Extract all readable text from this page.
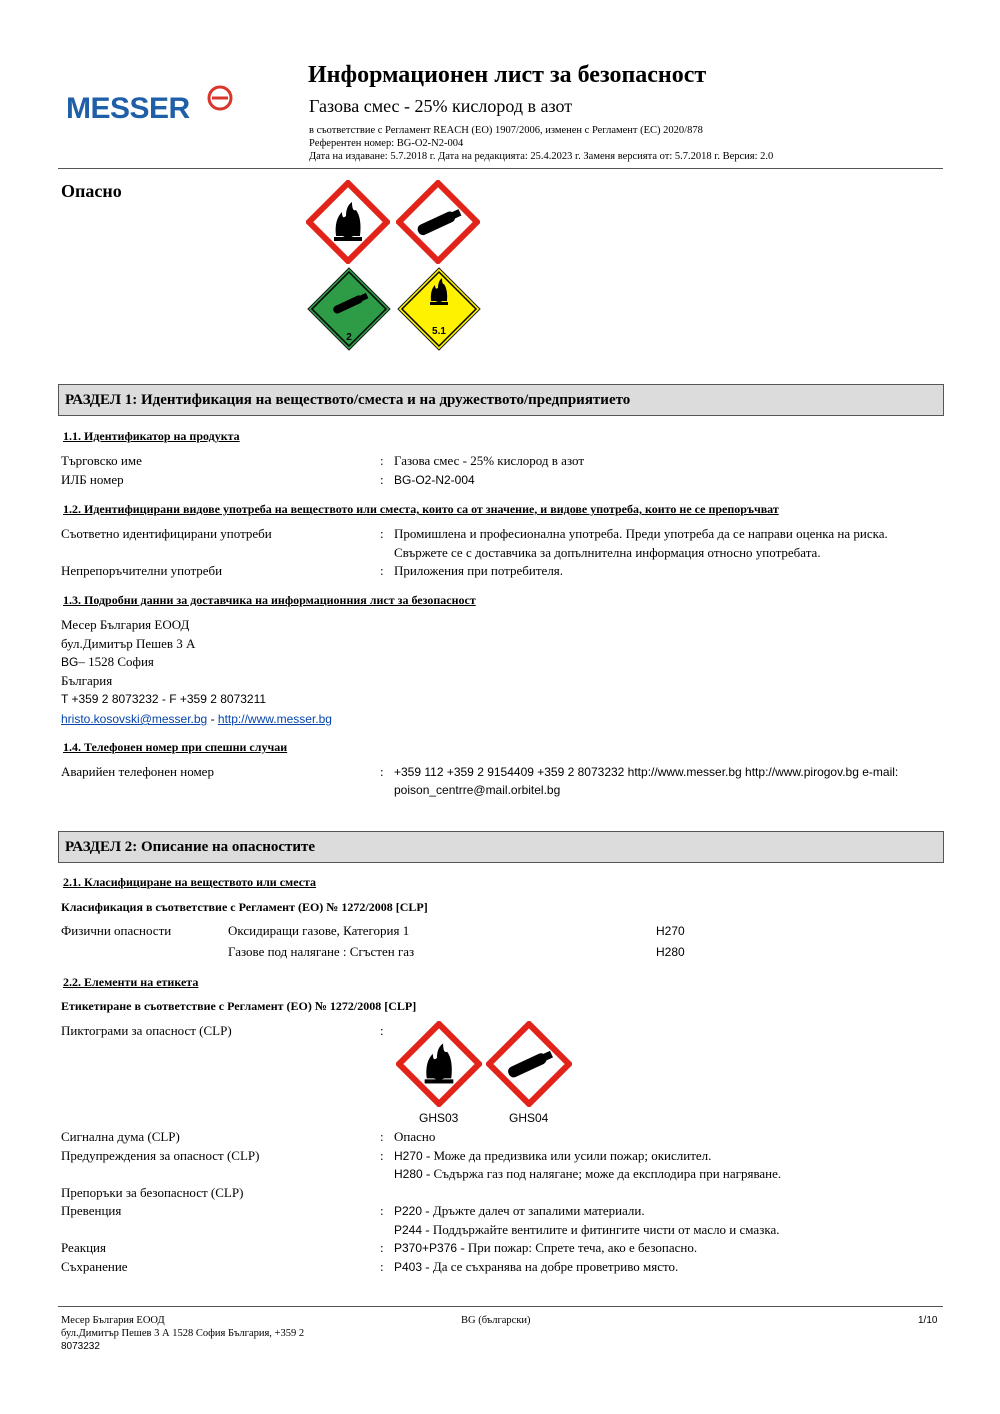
MESSER
Информационен лист за безопасност
Газова смес - 25% кислород в азот
в съответствие с Регламент REACH (ЕО) 1907/2006, изменен с Регламент (ЕС) 2020/878
Референтен номер: BG-O2-N2-004
Дата на издаване: 5.7.2018 г. Дата на редакцията: 25.4.2023 г. Заменя версията от: 5.7.2018 г. Версия: 2.0
Опасно
2
5.1
РАЗДЕЛ 1: Идентификация на веществото/сместа и на дружеството/предприятието
1.1. Идентификатор на продукта
Търговско име	: Газова смес - 25% кислород в азот
ИЛБ номер	: BG-O2-N2-004
1.2. Идентифицирани видове употреба на веществото или сместа, които са от значение, и видове употреба, които не се препоръчват
Съответно идентифицирани употреби	: Промишлена и професионална употреба. Преди употреба да се направи оценка на риска.
Свържете се с доставчика за допълнителна информация относно употребата.
Непрепоръчителни употреби	: Приложения при потребителя.
1.3. Подробни данни за доставчика на информационния лист за безопасност
Месер България ЕООД
бул.Димитър Пешев 3 А
BG– 1528 София
България
T +359 2 8073232 - F +359 2 8073211
hristo.kosovski@messer.bg - http://www.messer.bg
1.4. Телефонен номер при спешни случаи
Аварийен телефонен номер	: +359 112 +359 2 9154409 +359 2 8073232 http://www.messer.bg http://www.pirogov.bg e-mail:
poison_centrre@mail.orbitel.bg
РАЗДЕЛ 2: Описание на опасностите
2.1. Класифициране на веществото или сместа
Класификация в съответствие с Регламент (ЕО) № 1272/2008 [CLP]
Физични опасности	Оксидиращи газове, Категория 1	H270
Газове под налягане : Сгъстен газ	H280
2.2. Елементи на етикета
Етикетиране в съответствие с Регламент (ЕО) № 1272/2008 [CLP]
Пиктограми за опасност (CLP)	:
GHS03	GHS04
Сигнална дума (CLP)	: Опасно
Предупреждения за опасност (CLP)	: H270 - Може да предизвика или усили пожар; окислител.
H280 - Съдържа газ под налягане; може да експлодира при нагряване.
Препоръки за безопасност (CLP)
Превенция	: P220 - Дръжте далеч от запалими материали.
P244 - Поддържайте вентилите и фитингите чисти от масло и смазка.
Реакция	: P370+P376 - При пожар: Спрете теча, ако е безопасно.
Съхранение	: P403 - Да се съхранява на добре проветриво място.
Месер България ЕООД
бул.Димитър Пешев 3 А 1528 София България, +359 2
8073232
BG (български)	1/10
